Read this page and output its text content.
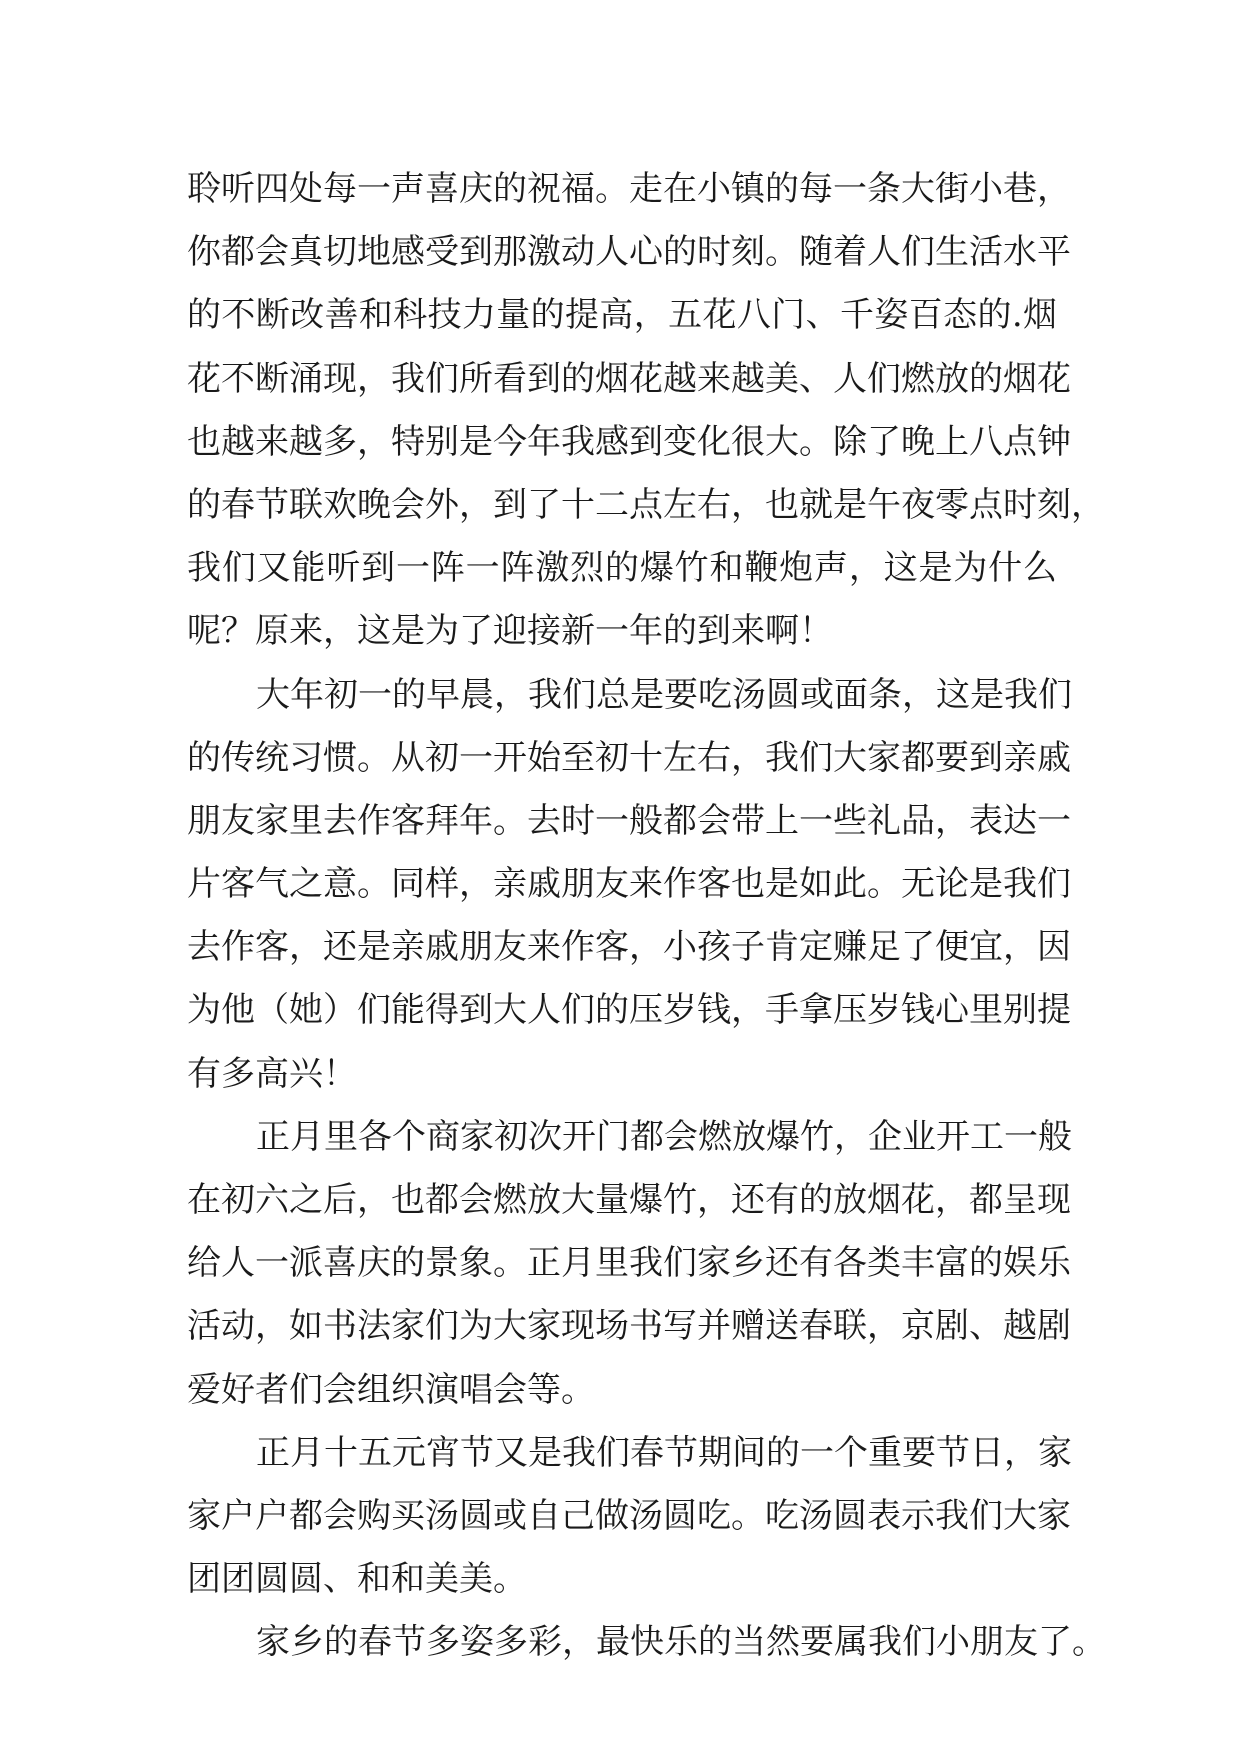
聆听四处每一声喜庆的祝福。走在小镇的每一条大街小巷，
你都会真切地感受到那激动人心的时刻。随着人们生活水平
的不断改善和科技力量的提高，五花八门、千姿百态的.烟
花不断涌现，我们所看到的烟花越来越美、人们燃放的烟花
也越来越多，特别是今年我感到变化很大。除了晚上八点钟
的春节联欢晚会外，到了十二点左右，也就是午夜零点时刻，
我们又能听到一阵一阵激烈的爆竹和鞭炮声，这是为什么
呢？原来，这是为了迎接新一年的到来啊！
大年初一的早晨，我们总是要吃汤圆或面条，这是我们
的传统习惯。从初一开始至初十左右，我们大家都要到亲戚
朋友家里去作客拜年。去时一般都会带上一些礼品，表达一
片客气之意。同样，亲戚朋友来作客也是如此。无论是我们
去作客，还是亲戚朋友来作客，小孩子肯定赚足了便宜，因
为他（她）们能得到大人们的压岁钱，手拿压岁钱心里别提
有多高兴！
正月里各个商家初次开门都会燃放爆竹，企业开工一般
在初六之后，也都会燃放大量爆竹，还有的放烟花，都呈现
给人一派喜庆的景象。正月里我们家乡还有各类丰富的娱乐
活动，如书法家们为大家现场书写并赠送春联，京剧、越剧
爱好者们会组织演唱会等。
正月十五元宵节又是我们春节期间的一个重要节日，家
家户户都会购买汤圆或自己做汤圆吃。吃汤圆表示我们大家
团团圆圆、和和美美。
家乡的春节多姿多彩，最快乐的当然要属我们小朋友了。
